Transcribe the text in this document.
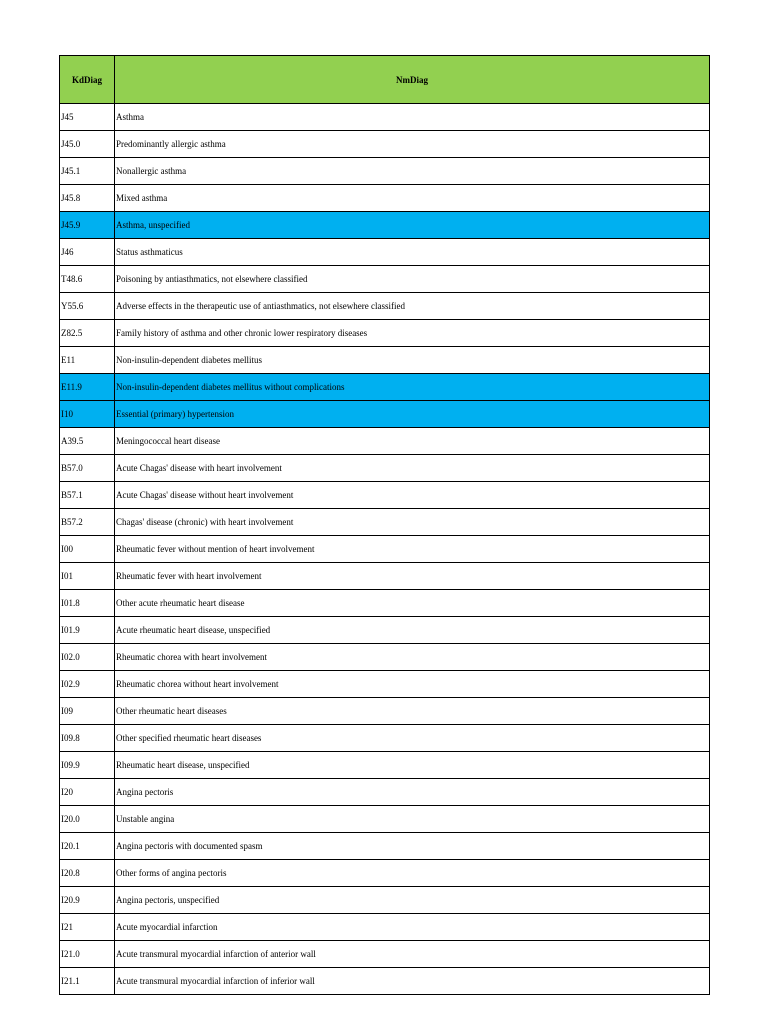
KdDiag	NmDiag
J45	Asthma
J45.0	Predominantly allergic asthma
J45.1	Nonallergic asthma
J45.8	Mixed asthma
J45.9	Asthma, unspecified
J46	Status asthmaticus
T48.6	Poisoning by antiasthmatics, not elsewhere classified
Y55.6	Adverse effects in the therapeutic use of antiasthmatics, not elsewhere classified
Z82.5	Family history of asthma and other chronic lower respiratory diseases
E11	Non-insulin-dependent diabetes mellitus
E11.9	Non-insulin-dependent diabetes mellitus without complications
I10	Essential (primary) hypertension
A39.5	Meningococcal heart disease
B57.0	Acute Chagas' disease with heart involvement
B57.1	Acute Chagas' disease without heart involvement
B57.2	Chagas' disease (chronic) with heart involvement
I00	Rheumatic fever without mention of heart involvement
I01	Rheumatic fever with heart involvement
I01.8	Other acute rheumatic heart disease
I01.9	Acute rheumatic heart disease, unspecified
I02.0	Rheumatic chorea with heart involvement
I02.9	Rheumatic chorea without heart involvement
I09	Other rheumatic heart diseases
I09.8	Other specified rheumatic heart diseases
I09.9	Rheumatic heart disease, unspecified
I20	Angina pectoris
I20.0	Unstable angina
I20.1	Angina pectoris with documented spasm
I20.8	Other forms of angina pectoris
I20.9	Angina pectoris, unspecified
I21	Acute myocardial infarction
I21.0	Acute transmural myocardial infarction of anterior wall
I21.1	Acute transmural myocardial infarction of inferior wall
